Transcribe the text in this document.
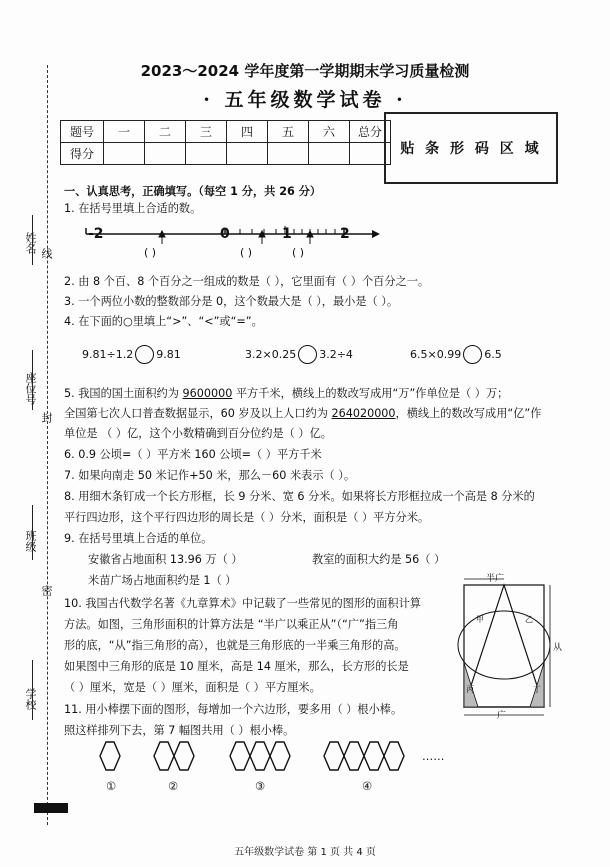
姓名 线
座位号
封
班级
密
学校
2023～2024 学年度第一学期期末学习质量检测
· 五年级数学试卷 ·
题号	一	二	三	四	五	六	总分
得分								贴 条 形 码 区 域
一、认真思考，正确填写。（每空 1 分，共 26 分）
1. 在括号里填上合适的数。
-2	0	1	2
( )	( )	( )
2. 由 8 个百、8 个百分之一组成的数是（ ），它里面有（ ）个百分之一。
3. 一个两位小数的整数部分是 0，这个数最大是（ ），最小是（ ）。
4. 在下面的○里填上“>”、“<”或“=”。
9.81÷1.2 9.81	3.2×0.25 3.2÷4	6.5×0.99 6.5
5. 我国的国土面积约为 9600000 平方千米，横线上的数改写成用“万”作单位是（ ）万；
全国第七次人口普查数据显示，60 岁及以上人口约为 264020000，横线上的数改写成用“亿”作
单位是 （ ）亿，这个小数精确到百分位约是（ ）亿。
6. 0.9 公顷=（ ）平方米 160 公顷=（ ）平方千米
7. 如果向南走 50 米记作+50 米，那么－60 米表示（ ）。
8. 用细木条钉成一个长方形框，长 9 分米、宽 6 分米。如果将长方形框拉成一个高是 8 分米的
平行四边形，这个平行四边形的周长是（ ）分米，面积是（ ）平方分米。
9. 在括号里填上合适的单位。
安徽省占地面积 13.96 万（ ）	教室的面积大约是 56（ ）
米苗广场占地面积约是 1（ ）
10. 我国古代数学名著《九章算术》中记载了一些常见的图形的面积计算
方法。如图，三角形面积的计算方法是 “半广以乘正从”（“广”指三角
形的底，“从”指三角形的高），也就是三角形底的一半乘三角形的高。
如果图中三角形的底是 10 厘米，高是 14 厘米，那么，长方形的长是
（ ）厘米，宽是（ ）厘米，面积是（ ）平方厘米。
11. 用小棒摆下面的图形，每增加一个六边形，要多用（ ）根小棒。
照这样排列下去，第 7 幅图共用（ ）根小棒。
半广
从
广
甲	乙
丙	丁
①	②	③	④
……
五年级数学试卷 第 1 页 共 4 页
